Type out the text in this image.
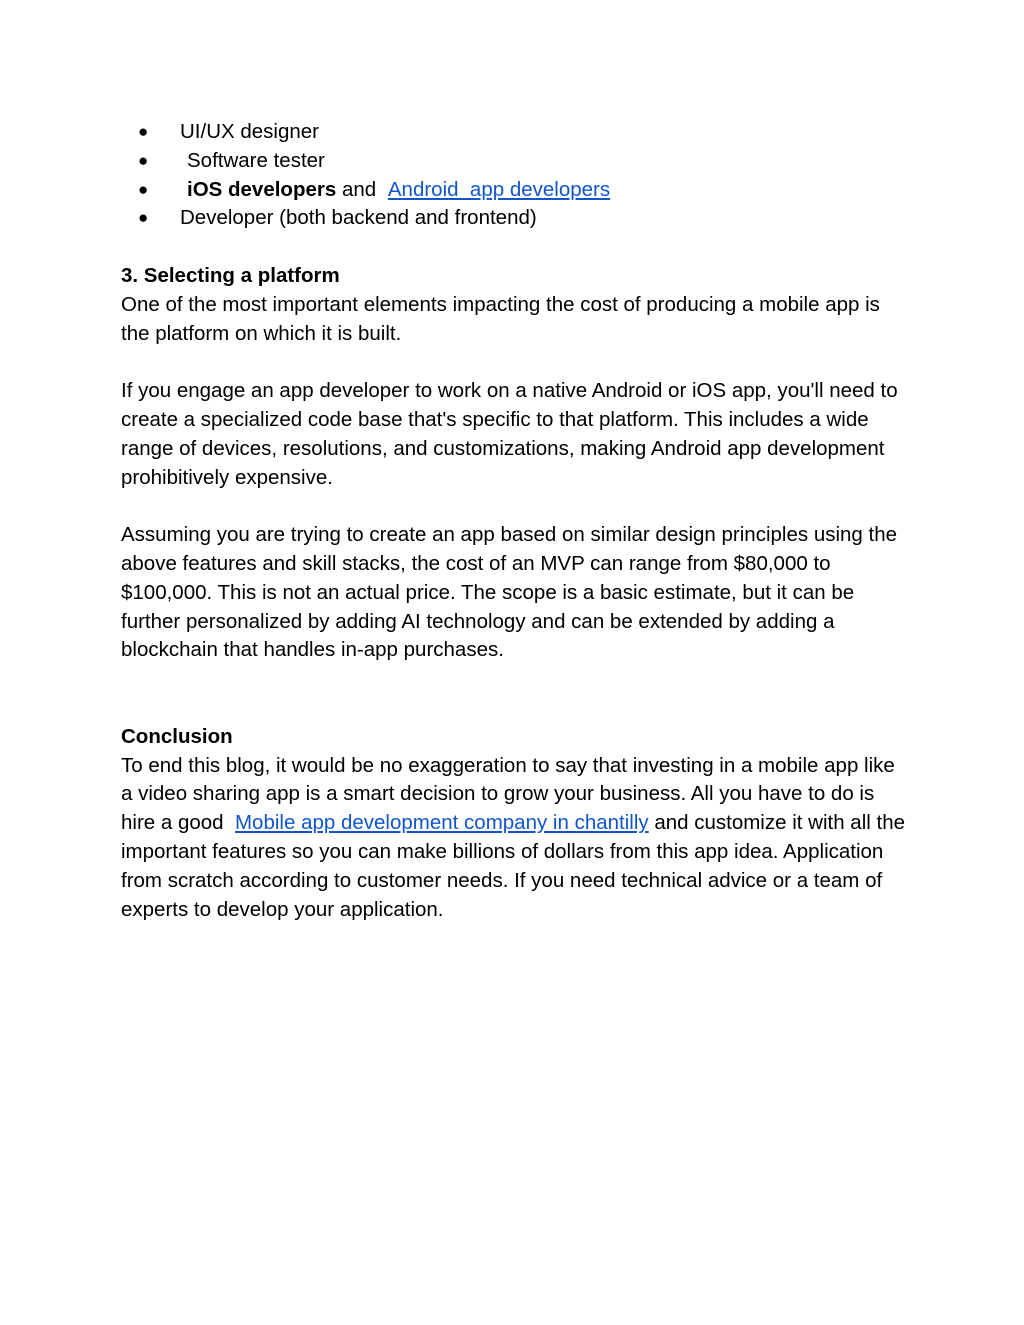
● UI/UX designer
● Software tester
● iOS developers and Android  app developers
● Developer (both backend and frontend)

3. Selecting a platform

One of the most important elements impacting the cost of producing a mobile app is the platform on which it is built.

If you engage an app developer to work on a native Android or iOS app, you'll need to create a specialized code base that's specific to that platform. This includes a wide range of devices, resolutions, and customizations, making Android app development prohibitively expensive.

Assuming you are trying to create an app based on similar design principles using the above features and skill stacks, the cost of an MVP can range from $80,000 to $100,000. This is not an actual price. The scope is a basic estimate, but it can be further personalized by adding AI technology and can be extended by adding a blockchain that handles in-app purchases.

Conclusion

To end this blog, it would be no exaggeration to say that investing in a mobile app like a video sharing app is a smart decision to grow your business. All you have to do is hire a good  Mobile app development company in chantilly and customize it with all the important features so you can make billions of dollars from this app idea. Application from scratch according to customer needs. If you need technical advice or a team of experts to develop your application.
